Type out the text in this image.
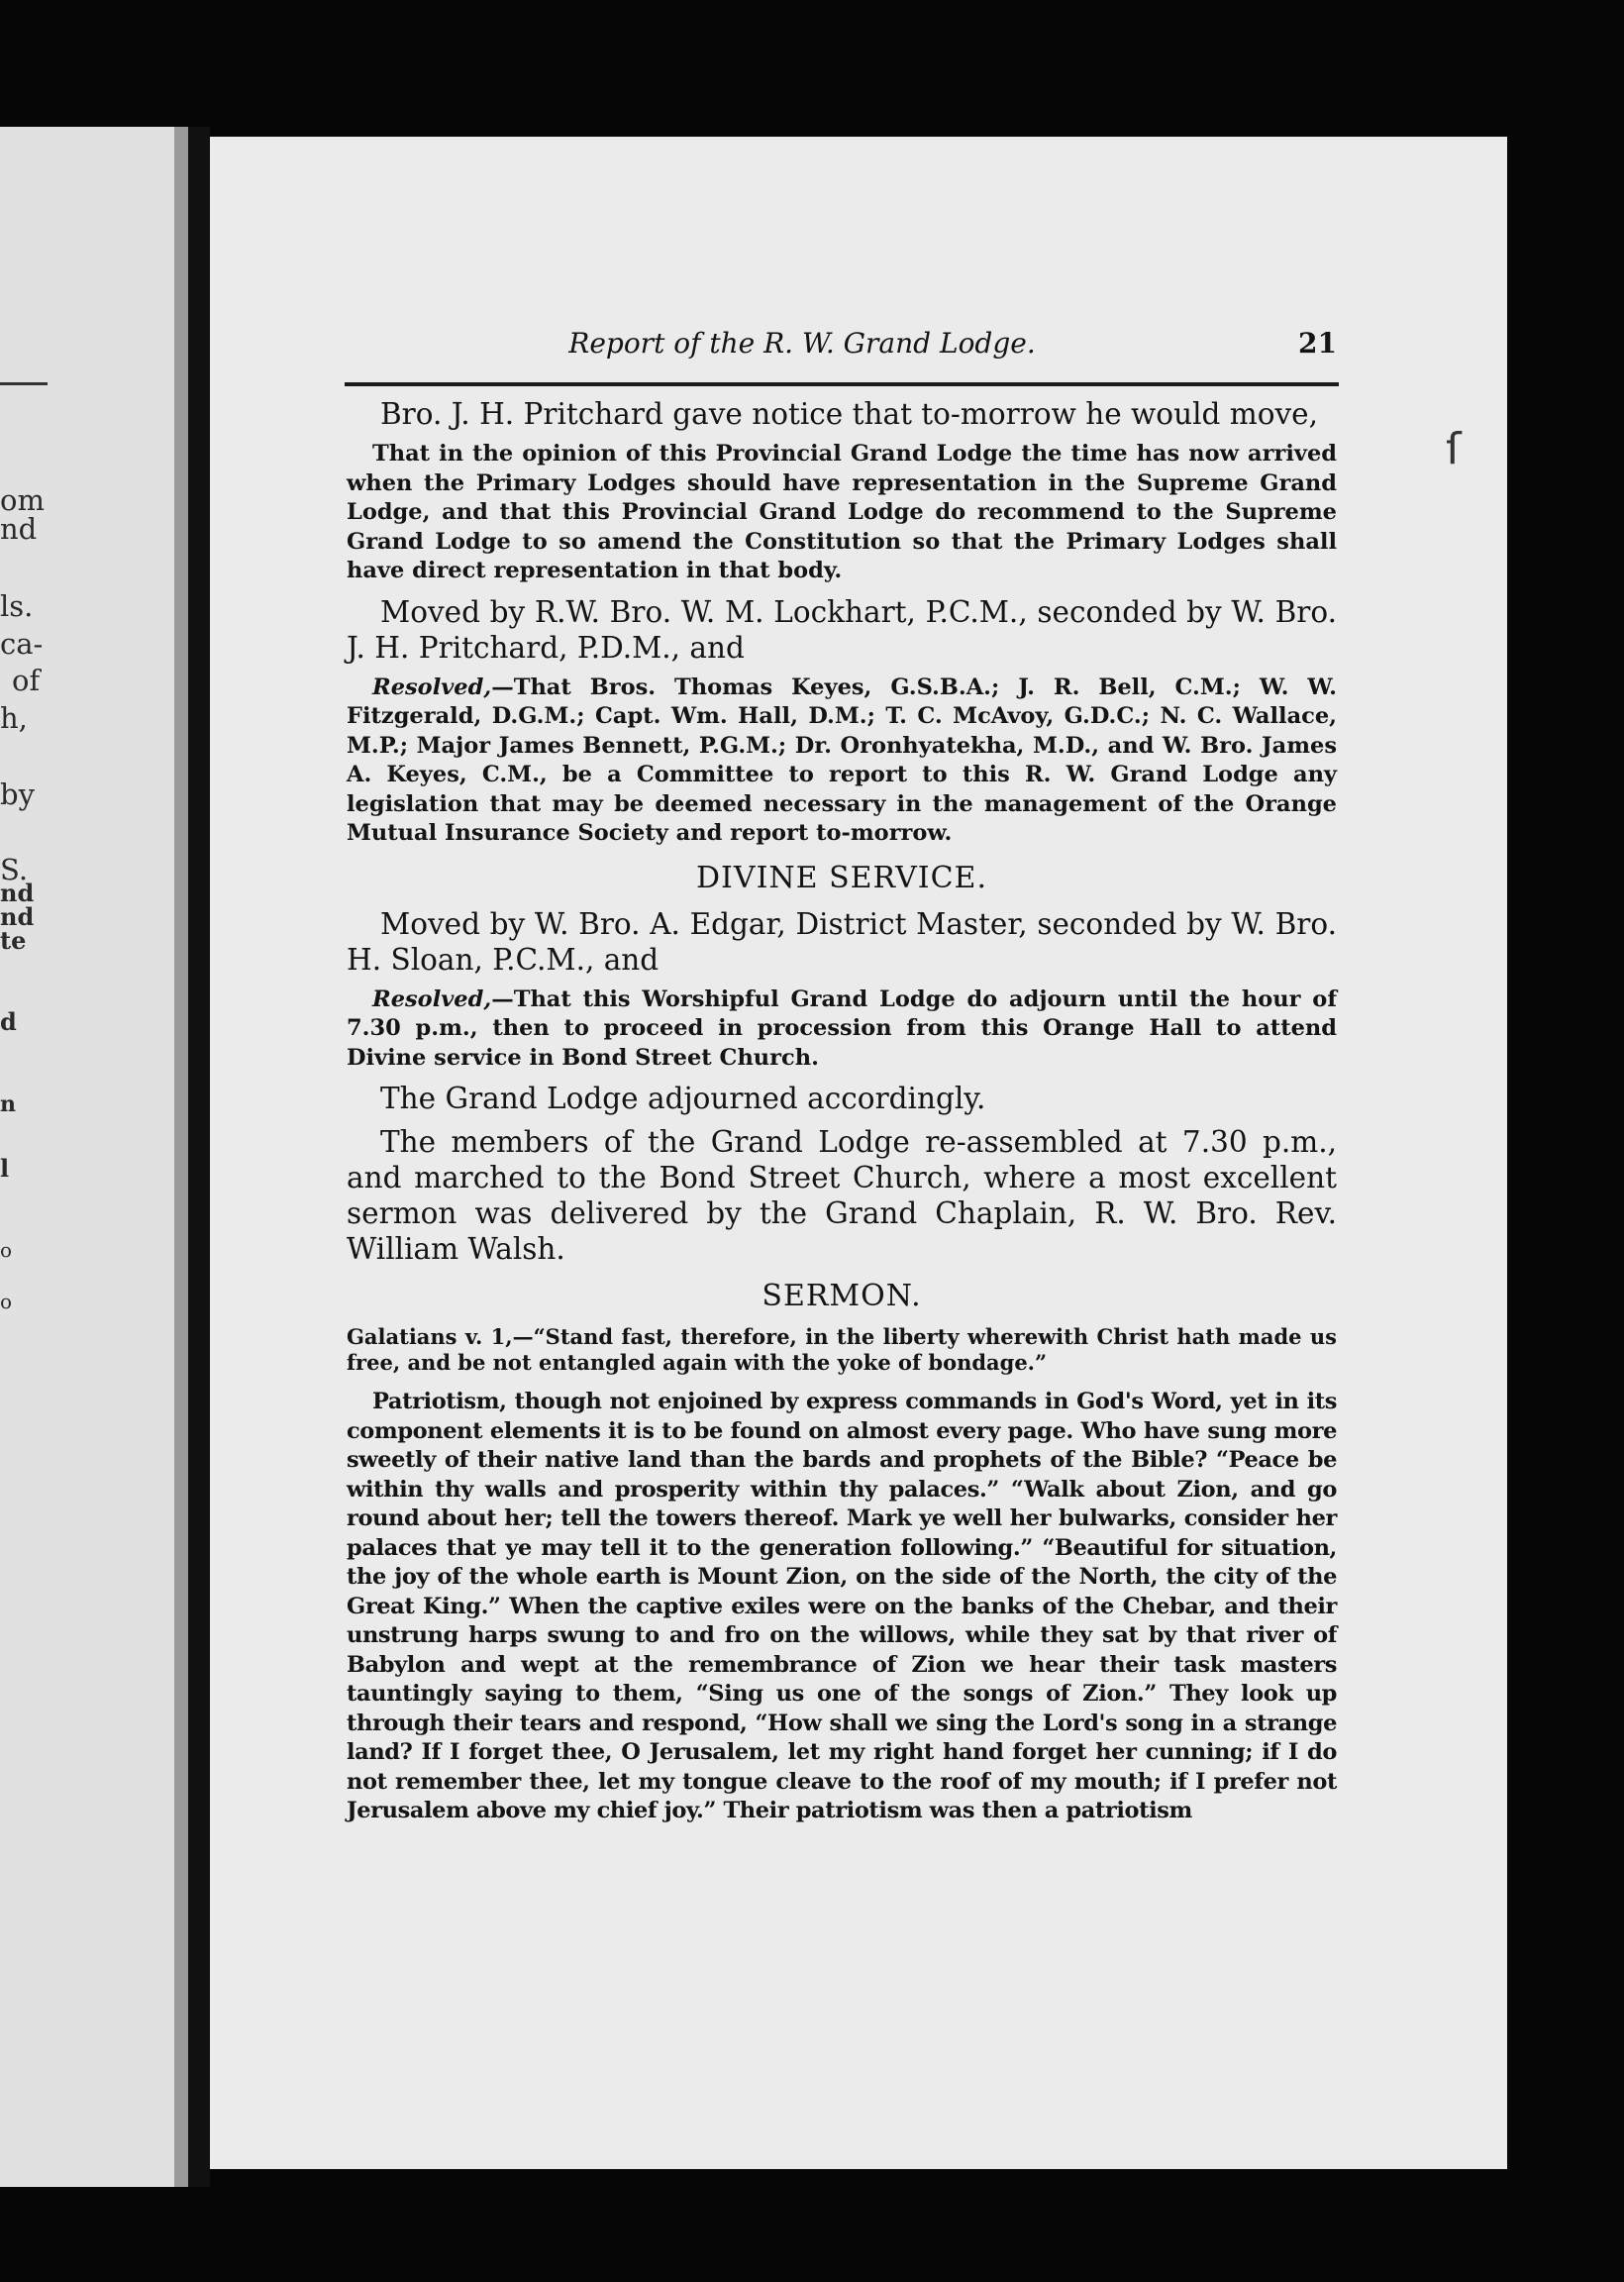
om
nd
ls.
ca-
of
h,
by
S.
nd
nd
te
d
n
l
o
o
ſ
Report of the R. W. Grand Lodge.	21

Bro. J. H. Pritchard gave notice that to-morrow he would move,

That in the opinion of this Provincial Grand Lodge the time has now arrived when the Primary Lodges should have representation in the Supreme Grand Lodge, and that this Provincial Grand Lodge do recommend to the Supreme Grand Lodge to so amend the Constitution so that the Primary Lodges shall have direct representation in that body.

Moved by R.W. Bro. W. M. Lockhart, P.C.M., seconded by W. Bro. J. H. Pritchard, P.D.M., and

Resolved,—That Bros. Thomas Keyes, G.S.B.A.; J. R. Bell, C.M.; W. W. Fitzgerald, D.G.M.; Capt. Wm. Hall, D.M.; T. C. McAvoy, G.D.C.; N. C. Wallace, M.P.; Major James Bennett, P.G.M.; Dr. Oronhyatekha, M.D., and W. Bro. James A. Keyes, C.M., be a Committee to report to this R. W. Grand Lodge any legislation that may be deemed necessary in the management of the Orange Mutual Insurance Society and report to-morrow.

DIVINE SERVICE.

Moved by W. Bro. A. Edgar, District Master, seconded by W. Bro. H. Sloan, P.C.M., and

Resolved,—That this Worshipful Grand Lodge do adjourn until the hour of 7.30 p.m., then to proceed in procession from this Orange Hall to attend Divine service in Bond Street Church.

The Grand Lodge adjourned accordingly.

The members of the Grand Lodge re-assembled at 7.30 p.m., and marched to the Bond Street Church, where a most excellent sermon was delivered by the Grand Chaplain, R. W. Bro. Rev. William Walsh.

SERMON.

Galatians v. 1,—“Stand fast, therefore, in the liberty wherewith Christ hath made us free, and be not entangled again with the yoke of bondage.”

Patriotism, though not enjoined by express commands in God's Word, yet in its component elements it is to be found on almost every page. Who have sung more sweetly of their native land than the bards and prophets of the Bible? “Peace be within thy walls and prosperity within thy palaces.” “Walk about Zion, and go round about her; tell the towers thereof. Mark ye well her bulwarks, consider her palaces that ye may tell it to the generation following.” “Beautiful for situation, the joy of the whole earth is Mount Zion, on the side of the North, the city of the Great King.” When the captive exiles were on the banks of the Chebar, and their unstrung harps swung to and fro on the willows, while they sat by that river of Babylon and wept at the remembrance of Zion we hear their task masters tauntingly saying to them, “Sing us one of the songs of Zion.” They look up through their tears and respond, “How shall we sing the Lord's song in a strange land? If I forget thee, O Jerusalem, let my right hand forget her cunning; if I do not remember thee, let my tongue cleave to the roof of my mouth; if I prefer not Jerusalem above my chief joy.” Their patriotism was then a patriotism
